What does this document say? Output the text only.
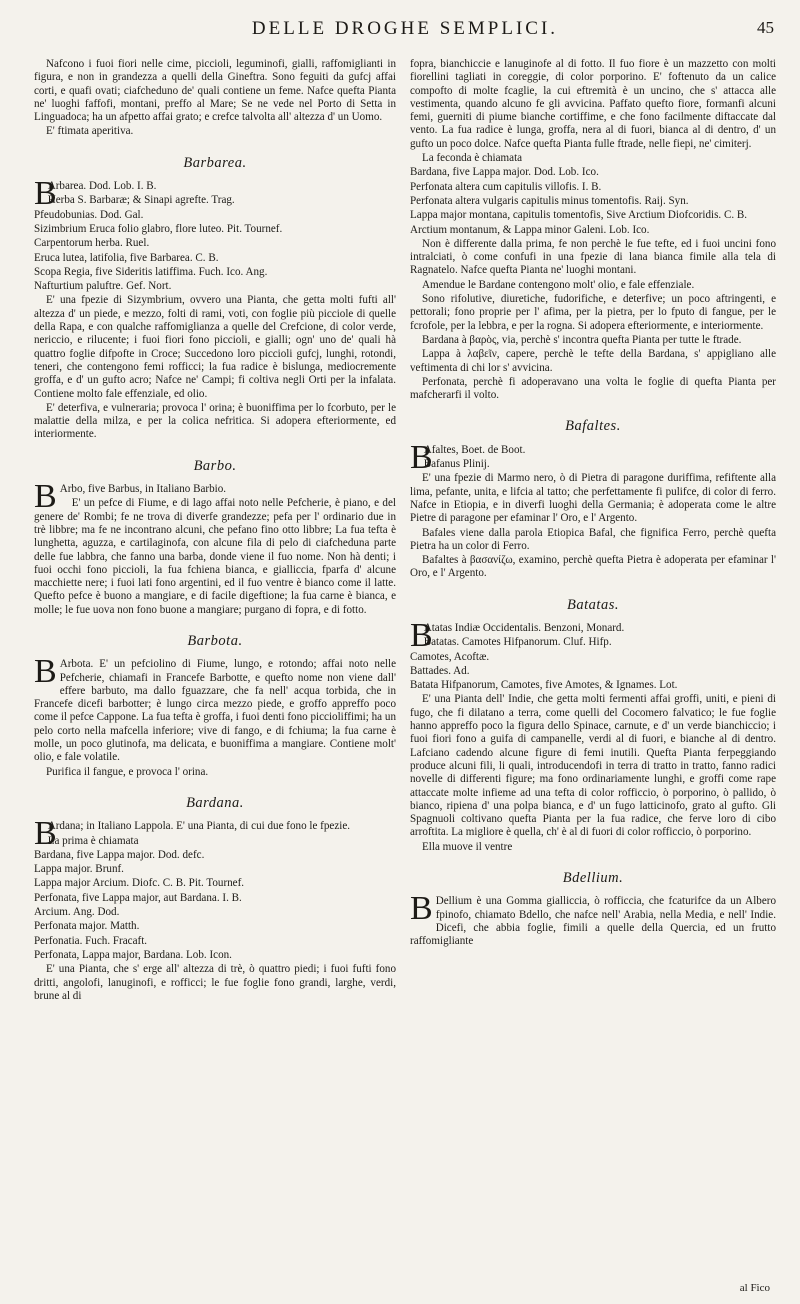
DELLE DROGHE SEMPLICI.	45

Nafcono i fuoi fiori nelle cime, piccioli, leguminofi, gialli, raffomiglianti in figura, e non in grandezza a quelli della Gineftra. Sono feguiti da gufcj affai corti, e quafi ovati; ciafcheduno de' quali contiene un feme. Nafce quefta Pianta ne' luoghi faffofi, montani, preffo al Mare; Se ne vede nel Porto di Setta in Linguadoca; ha un afpetto affai grato; e crefce talvolta all' altezza d' un Uomo.

E' ftimata aperitiva.

Barbarea.
B

Arbarea. Dod. Lob. I. B.

Herba S. Barbaræ; & Sinapi agrefte. Trag.

Pfeudobunias. Dod. Gal.

Sizimbrium Eruca folio glabro, flore luteo. Pit. Tournef.

Carpentorum herba. Ruel.

Eruca lutea, latifolia, five Barbarea. C. B.

Scopa Regia, five Sideritis latiffima. Fuch. Ico. Ang.

Nafturtium paluftre. Gef. Nort.

E' una fpezie di Sizymbrium, ovvero una Pianta, che getta molti fufti all' altezza d' un piede, e mezzo, folti di rami, voti, con foglie più picciole di quelle della Rapa, e con qualche raffomiglianza a quelle del Crefcione, di color verde, nericcio, e rilucente; i fuoi fiori fono piccioli, e gialli; ogn' uno de' quali hà quattro foglie difpofte in Croce; Succedono loro piccioli gufcj, lunghi, rotondi, teneri, che contengono femi rofficci; la fua radice è bislunga, mediocremente groffa, e d' un gufto acro; Nafce ne' Campi; fi coltiva negli Orti per la infalata. Contiene molto fale effenziale, ed olio.

E' deterfiva, e vulneraria; provoca l' orina; è buoniffima per lo fcorbuto, per le malattie della milza, e per la colica nefritica. Si adopera efteriormente, ed interiormente.

Barbo.
B Arbo, five Barbus, in Italiano Barbio.

E' un pefce di Fiume, e di lago affai noto nelle Pefcherie, è piano, e del genere de' Rombi; fe ne trova di diverfe grandezze; pefa per l' ordinario due in trè libbre; ma fe ne incontrano alcuni, che pefano fino otto libbre; La fua tefta è lunghetta, aguzza, e cartilaginofa, con alcune fila di pelo di ciafcheduna parte delle fue labbra, che fanno una barba, donde viene il fuo nome. Non hà denti; i fuoi occhi fono piccioli, la fua fchiena bianca, e gialliccia, fparfa d' alcune macchiette nere; i fuoi lati fono argentini, ed il fuo ventre è bianco come il latte. Quefto pefce è buono a mangiare, e di facile digeftione; la fua carne è bianca, e molle; le fue uova non fono buone a mangiare; purgano di fopra, e di fotto.

Barbota.
B Arbota. E' un pefciolino di Fiume, lungo, e rotondo; affai noto nelle Pefcherie, chiamafi in Francefe Barbotte, e quefto nome non viene dall' effere barbuto, ma dallo fguazzare, che fa nell' acqua torbida, che in Francefe dicefi barbotter; è lungo circa mezzo piede, e groffo appreffo poco come il pefce Cappone. La fua tefta è groffa, i fuoi denti fono piccioliffimi; ha un pelo corto nella mafcella inferiore; vive di fango, e di fchiuma; la fua carne è molle, un poco glutinofa, ma delicata, e buoniffima a mangiare. Contiene molt' olio, e fale volatile.

Purifica il fangue, e provoca l' orina.

Bardana.
B

Ardana; in Italiano Lappola. E' una Pianta, di cui due fono le fpezie.

La prima è chiamata

Bardana, five Lappa major. Dod. defc.

Lappa major. Brunf.

Lappa major Arcium. Diofc. C. B. Pit. Tournef.

Perfonata, five Lappa major, aut Bardana. I. B.

Arcium. Ang. Dod.

Perfonata major. Matth.

Perfonatia. Fuch. Fracaft.

Perfonata, Lappa major, Bardana. Lob. Icon.

E' una Pianta, che s' erge all' altezza di trè, ò quattro piedi; i fuoi fufti fono dritti, angolofi, lanuginofi, e rofficci; le fue foglie fono grandi, larghe, verdi, brune al di

fopra, bianchiccie e lanuginofe al di fotto. Il fuo fiore è un mazzetto con molti fiorellini tagliati in coreggie, di color porporino. E' foftenuto da un calice compofto di molte fcaglie, la cui eftremità è un uncino, che s' attacca alle vestimenta, quando alcuno fe gli avvicina. Paffato quefto fiore, formanfi alcuni femi, guerniti di piume bianche cortiffime, e che fono facilmente diftaccate dal vento. La fua radice è lunga, groffa, nera al di fuori, bianca al di dentro, d' un gufto un poco dolce. Nafce quefta Pianta fulle ftrade, nelle fiepi, ne' cimiterj.

La feconda è chiamata

Bardana, five Lappa major. Dod. Lob. Ico.

Perfonata altera cum capitulis villofis. I. B.

Perfonata altera vulgaris capitulis minus tomentofis. Raij. Syn.

Lappa major montana, capitulis tomentofis, Sive Arctium Diofcoridis. C. B.

Arctium montanum, & Lappa minor Galeni. Lob. Ico.

Non è differente dalla prima, fe non perchè le fue tefte, ed i fuoi uncini fono intralciati, ò come confufi in una fpezie di lana bianca fimile alla tela di Ragnatelo. Nafce quefta Pianta ne' luoghi montani.

Amendue le Bardane contengono molt' olio, e fale effenziale.

Sono rifolutive, diuretiche, fudorifiche, e deterfive; un poco aftringenti, e pettorali; fono proprie per l' afima, per la pietra, per lo fputo di fangue, per le fcrofole, per la lebbra, e per la rogna. Si adopera efteriormente, e interiormente.

Bardana à βαρὸς, via, perchè s' incontra quefta Pianta per tutte le ftrade.

Lappa à λαβεῖν, capere, perchè le tefte della Bardana, s' appigliano alle veftimenta di chi lor s' avvicina.

Perfonata, perchè fi adoperavano una volta le foglie di quefta Pianta per mafcherarfi il volto.

Bafaltes.
B

Afaltes, Boet. de Boot.

Bafanus Plinij.

E' una fpezie di Marmo nero, ò di Pietra di paragone duriffima, refiftente alla lima, pefante, unita, e lifcia al tatto; che perfettamente fi pulifce, di color di ferro. Nafce in Etiopia, e in diverfi luoghi della Germania; è adoperata come le altre Pietre di paragone per efaminar l' Oro, e l' Argento.

Bafales viene dalla parola Etiopica Bafal, che fignifica Ferro, perchè quefta Pietra ha un color di Ferro.

Bafaltes à βασανίζω, examino, perchè quefta Pietra è adoperata per efaminar l' Oro, e l' Argento.

Batatas.
B

Atatas Indiæ Occidentalis. Benzoni, Monard.

Batatas. Camotes Hifpanorum. Cluf. Hifp.

Camotes, Acoftæ.

Battades. Ad.

Batata Hifpanorum, Camotes, five Amotes, & Ignames. Lot.

E' una Pianta dell' Indie, che getta molti fermenti affai groffi, uniti, e pieni di fugo, che fi dilatano a terra, come quelli del Cocomero falvatico; le fue foglie hanno appreffo poco la figura dello Spinace, carnute, e d' un verde bianchiccio; i fuoi fiori fono a guifa di campanelle, verdi al di fuori, e bianche al di dentro. Lafciano cadendo alcune figure di femi inutili. Quefta Pianta ferpeggiando produce alcuni fili, li quali, introducendofi in terra di tratto in tratto, fanno radici novelle di differenti figure; ma fono ordinariamente lunghi, e groffi come rape attaccate molte infieme ad una tefta di color rofficcio, ò porporino, ò pallido, ò bianco, ripiena d' una polpa bianca, e d' un fugo latticinofo, grato al gufto. Gli Spagnuoli coltivano quefta Pianta per la fua radice, che ferve loro di cibo arroftita. La migliore è quella, ch' è al di fuori di color rofficcio, ò porporino.

Ella muove il ventre

Bdellium.
B Dellium è una Gomma gialliccia, ò rofficcia, che fcaturifce da un Albero fpinofo, chiamato Bdello, che nafce nell' Arabia, nella Media, e nell' Indie. Dicefi, che abbia foglie, fimili a quelle della Quercia, ed un frutto raffomigliante

al Fico
